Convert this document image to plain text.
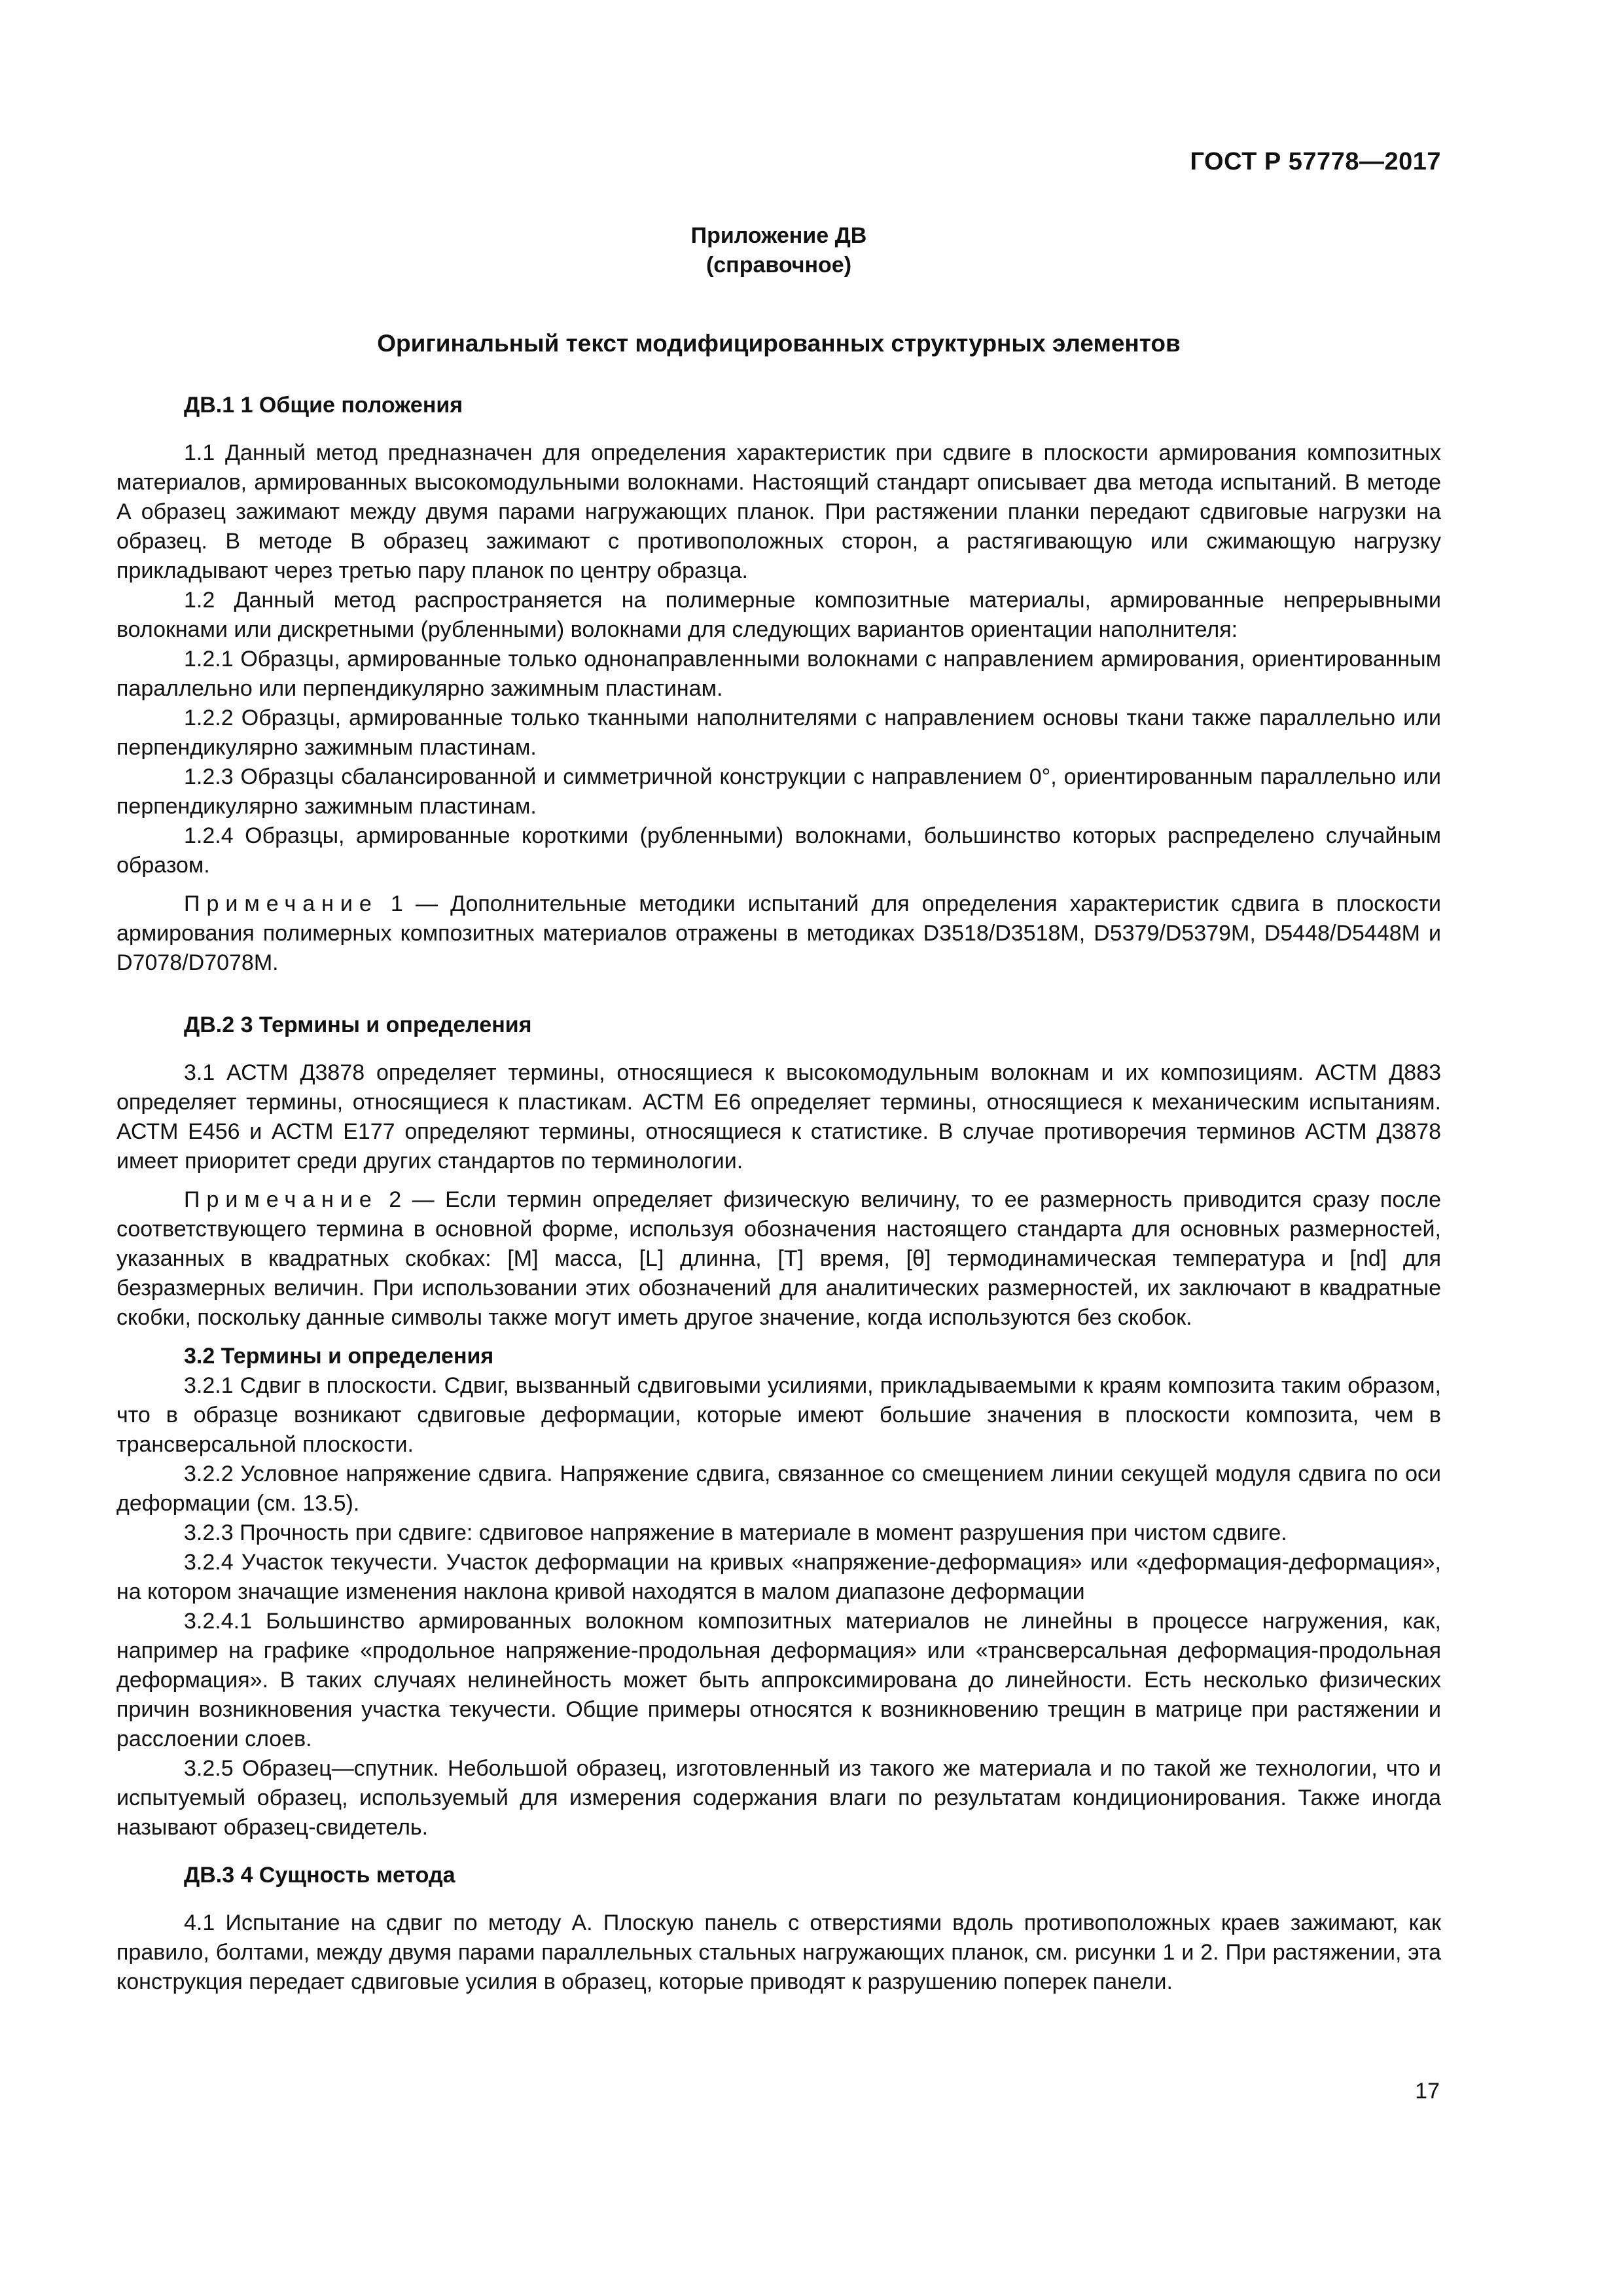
ГОСТ Р 57778—2017

Приложение ДВ

(справочное)

Оригинальный текст модифицированных структурных элементов

ДВ.1 1 Общие положения

1.1 Данный метод предназначен для определения характеристик при сдвиге в плоскости армирования композитных материалов, армированных высокомодульными волокнами. Настоящий стандарт описывает два метода испытаний. В методе А образец зажимают между двумя парами нагружающих планок. При растяжении планки передают сдвиговые нагрузки на образец. В методе В образец зажимают с противоположных сторон, а растягивающую или сжимающую нагрузку прикладывают через третью пару планок по центру образца.

1.2 Данный метод распространяется на полимерные композитные материалы, армированные непрерывными волокнами или дискретными (рубленными) волокнами для следующих вариантов ориентации наполнителя:

1.2.1 Образцы, армированные только однонаправленными волокнами с направлением армирования, ориентированным параллельно или перпендикулярно зажимным пластинам.

1.2.2 Образцы, армированные только тканными наполнителями с направлением основы ткани также параллельно или перпендикулярно зажимным пластинам.

1.2.3 Образцы сбалансированной и симметричной конструкции с направлением 0°, ориентированным параллельно или перпендикулярно зажимным пластинам.

1.2.4 Образцы, армированные короткими (рубленными) волокнами, большинство которых распределено случайным образом.

Примечание 1 — Дополнительные методики испытаний для определения характеристик сдвига в плоскости армирования полимерных композитных материалов отражены в методиках D3518/D3518M, D5379/D5379M, D5448/D5448M и D7078/D7078M.

ДВ.2 3 Термины и определения

3.1 АСТМ Д3878 определяет термины, относящиеся к высокомодульным волокнам и их композициям. АСТМ Д883 определяет термины, относящиеся к пластикам. АСТМ Е6 определяет термины, относящиеся к механическим испытаниям. АСТМ Е456 и АСТМ Е177 определяют термины, относящиеся к статистике. В случае противоречия терминов АСТМ Д3878 имеет приоритет среди других стандартов по терминологии.

Примечание 2 — Если термин определяет физическую величину, то ее размерность приводится сразу после соответствующего термина в основной форме, используя обозначения настоящего стандарта для основных размерностей, указанных в квадратных скобках: [M] масса, [L] длинна, [T] время, [θ] термодинамическая температура и [nd] для безразмерных величин. При использовании этих обозначений для аналитических размерностей, их заключают в квадратные скобки, поскольку данные символы также могут иметь другое значение, когда используются без скобок.

3.2 Термины и определения

3.2.1 Сдвиг в плоскости. Сдвиг, вызванный сдвиговыми усилиями, прикладываемыми к краям композита таким образом, что в образце возникают сдвиговые деформации, которые имеют большие значения в плоскости композита, чем в трансверсальной плоскости.

3.2.2 Условное напряжение сдвига. Напряжение сдвига, связанное со смещением линии секущей модуля сдвига по оси деформации (см. 13.5).

3.2.3 Прочность при сдвиге: сдвиговое напряжение в материале в момент разрушения при чистом сдвиге.

3.2.4 Участок текучести. Участок деформации на кривых «напряжение-деформация» или «деформация-деформация», на котором значащие изменения наклона кривой находятся в малом диапазоне деформации

3.2.4.1 Большинство армированных волокном композитных материалов не линейны в процессе нагружения, как, например на графике «продольное напряжение-продольная деформация» или «трансверсальная деформация-продольная деформация». В таких случаях нелинейность может быть аппроксимирована до линейности. Есть несколько физических причин возникновения участка текучести. Общие примеры относятся к возникновению трещин в матрице при растяжении и расслоении слоев.

3.2.5 Образец—спутник. Небольшой образец, изготовленный из такого же материала и по такой же технологии, что и испытуемый образец, используемый для измерения содержания влаги по результатам кондиционирования. Также иногда называют образец-свидетель.

ДВ.3 4 Сущность метода

4.1 Испытание на сдвиг по методу А. Плоскую панель с отверстиями вдоль противоположных краев зажимают, как правило, болтами, между двумя парами параллельных стальных нагружающих планок, см. рисунки 1 и 2. При растяжении, эта конструкция передает сдвиговые усилия в образец, которые приводят к разрушению поперек панели.

17
